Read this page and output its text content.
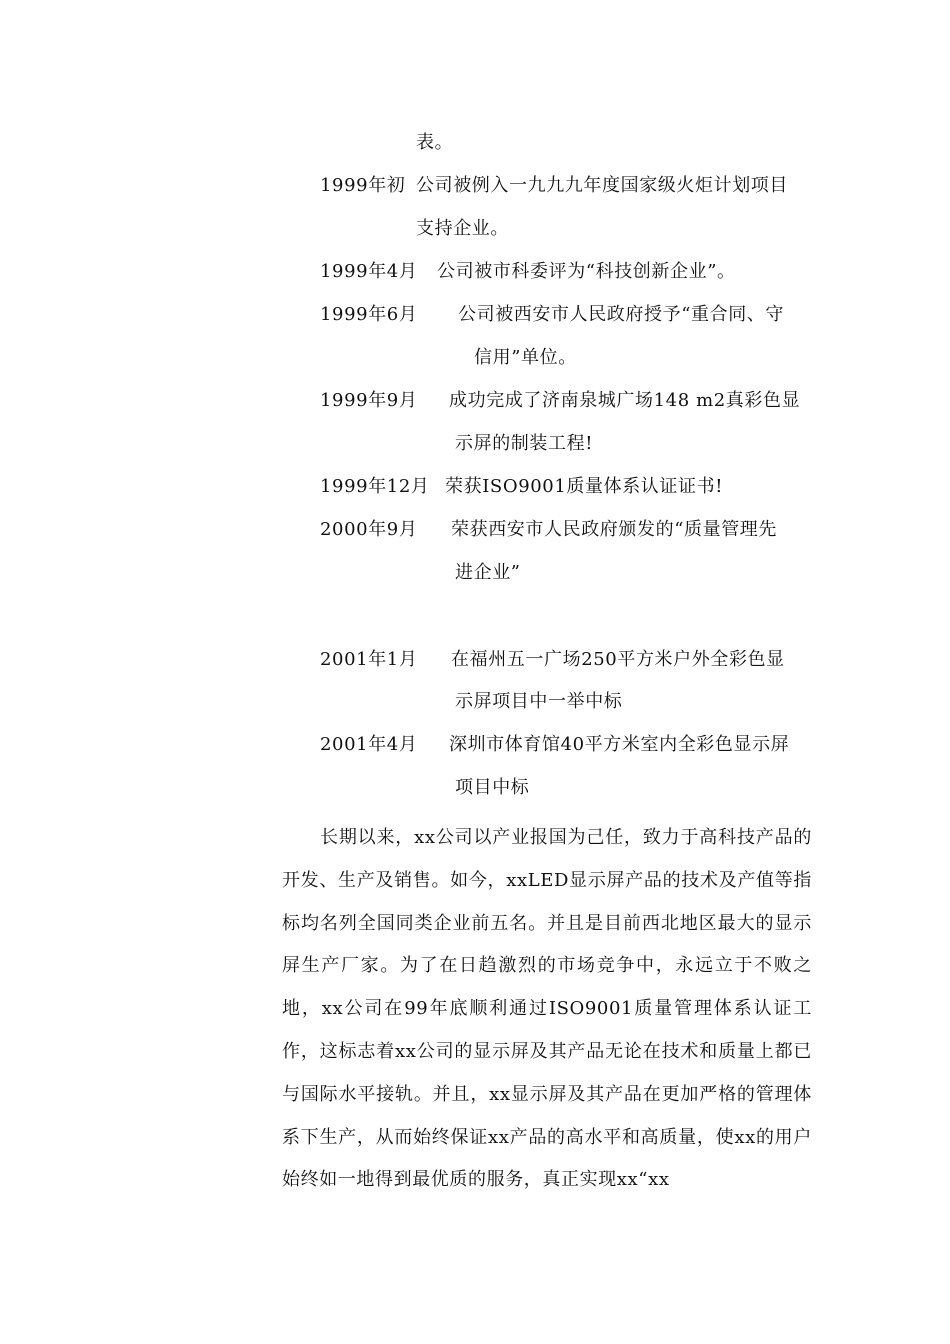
表。
1999年初 公司被例入一九九九年度国家级火炬计划项目
支持企业。
1999年4月 公司被市科委评为“科技创新企业”。
1999年6月 公司被西安市人民政府授予“重合同、守
信用”单位。
1999年9月 成功完成了济南泉城广场148 m2真彩色显
示屏的制装工程!
1999年12月 荣获ISO9001质量体系认证证书!
2000年9月 荣获西安市人民政府颁发的“质量管理先
进企业”
2001年1月 在福州五一广场250平方米户外全彩色显
示屏项目中一举中标
2001年4月 深圳市体育馆40平方米室内全彩色显示屏
项目中标

长期以来，xx公司以产业报国为己任，致力于高科技产品的开发、生产及销售。如今，xxLED显示屏产品的技术及产值等指标均名列全国同类企业前五名。并且是目前西北地区最大的显示屏生产厂家。为了在日趋激烈的市场竞争中，永远立于不败之地，xx公司在99年底顺利通过ISO9001质量管理体系认证工作，这标志着xx公司的显示屏及其产品无论在技术和质量上都已与国际水平接轨。并且，xx显示屏及其产品在更加严格的管理体系下生产，从而始终保证xx产品的高水平和高质量，使xx的用户始终如一地得到最优质的服务，真正实现xx“xx
